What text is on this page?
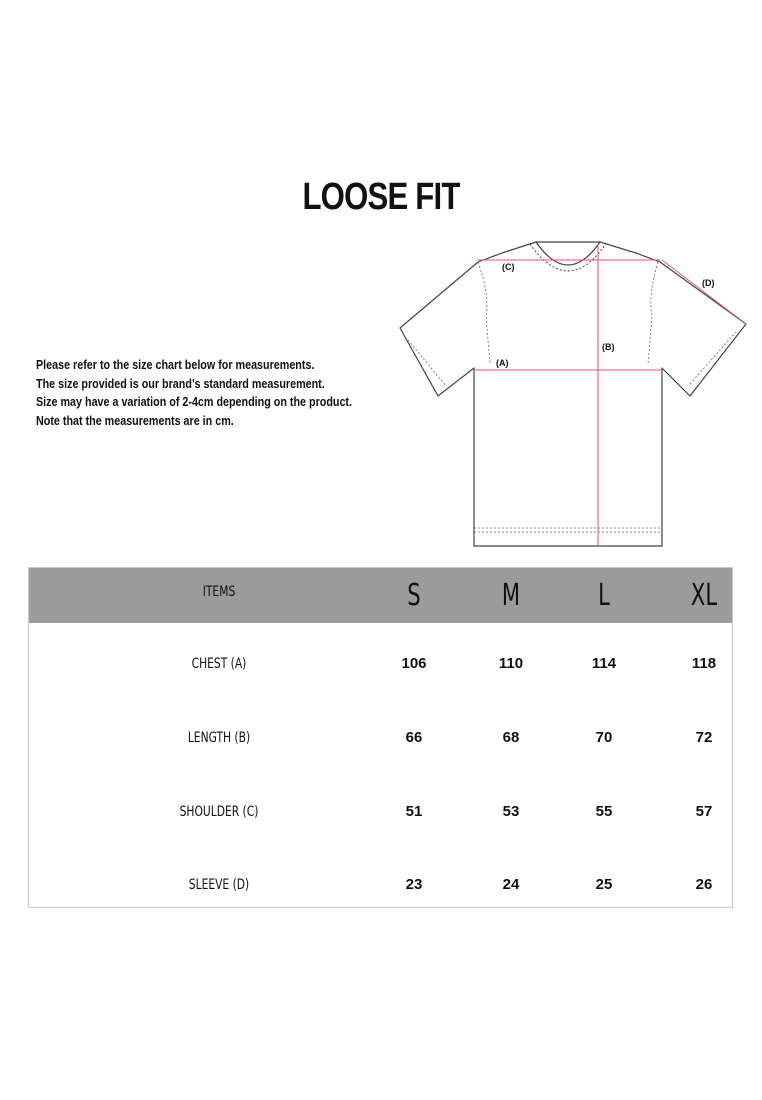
LOOSE FIT
Please refer to the size chart below for measurements.
The size provided is our brand’s standard measurement.
Size may have a variation of 2-4cm depending on the product.
Note that the measurements are in cm.
(C)
(D)
(B)
(A)
ITEMS	S	M	L	XL
CHEST (A)	106	110	114	118
LENGTH (B)	66	68	70	72
SHOULDER (C)	51	53	55	57
SLEEVE (D)	23	24	25	26
